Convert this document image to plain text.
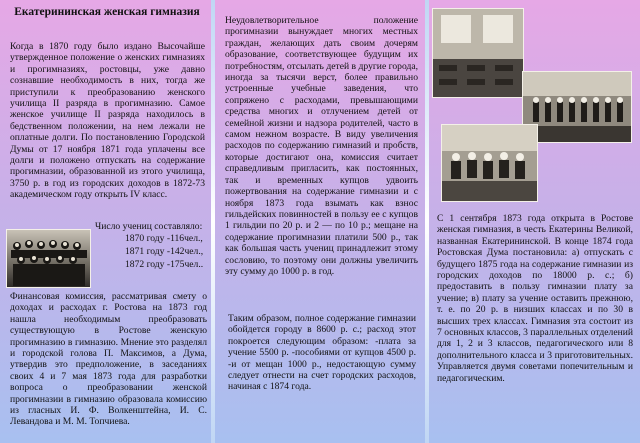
Екатерининская женская гимназия

Когда в 1870 году было издано Высочайше утвержденное положение о женских гимназиях и прогимназиях, ростовцы, уже давно сознавшие необходимость в них, тогда же приступили к преобразованию женского училища II разряда в прогимназию. Самое женское училище II разряда находилось в бедственном положении, на нем лежали не оплатные долги. По постановлению Городской Думы от 17 ноября 1871 года уплачены все долги и положено отпускать на содержание прогимназии, образованной из этого училища, 3750 р. в год из городских доходов в 1872-73 академическом году открыть IV класс.

Число учениц составляло:
1870 году -116чел.,
1871 году -142чел.,
1872 году -175чел..

Финансовая комиссия, рассматривая смету о доходах и расходах г. Ростова на 1873 год нашла необходимым преобразовать существующую в Ростове женскую прогимназию в гимназию. Мнение это разделял и городской голова П. Максимов, а Дума, утвердив это предположение, в заседаниях своих 4 и 7 мая 1873 года для разработки вопроса о преобразовании женской прогимназии в гимназию образовала комиссию из гласных И. Ф. Волкенштейна, И. С. Левандова и М. М. Топчиева.

Неудовлетворительное положение прогимназии вынуждает многих местных граждан, желающих дать своим дочерям образование, соответствующее будущим их потребностям, отсылать детей в другие города, иногда за тысячи верст, более правильно устроенные учебные заведения, что сопряжено с расходами, превышающими средства многих и отлучением детей от семейной жизни и надзора родителей, часто в самом нежном возрасте. В виду увеличения расходов по содержанию гимназий и пробств, которые достигают она, комиссия считает справедливым пригласить, как постоянных, так и временных купцов удвоить пожертвования на содержание гимназии и с ноября 1873 года взымать как взнос гильдейских повинностей в пользу ее с купцов 1 гильдии по 20 р. и 2 — по 10 р.; мещане на содержание прогимназии платили 500 р., так как большая часть учениц принадлежит этому сословию, то поэтому они должны увеличить эту сумму до 1000 р. в год.

Таким образом, полное содержание гимназии обойдется городу в 8600 р. с.; расход этот покроется следующим образом: -плата за учение 5500 р. -пособиями от купцов 4500 р. -и от мещан 1000 р., недостающую сумму следует отнести на счет городских расходов, начиная с 1874 года.

С 1 сентября 1873 года открыта в Ростове женская гимназия, в честь Екатерины Великой, названная Екатерининской. В конце 1874 года Ростовская Дума постановила: а) отпускать с будущего 1875 года на содержание гимназии из городских доходов по 18000 р. с.; б) предоставить в пользу гимназии плату за учение; в) плату за учение оставить прежнюю, т. е. по 20 р. в низших классах и по 30 в высших трех классах. Гимназия эта состоит из 7 основных классов, 3 параллельных отделений для 1, 2 и 3 классов, педагогического или 8 дополнительного класса и 3 приготовительных. Управляется двумя советами попечительным и педагогическим.
